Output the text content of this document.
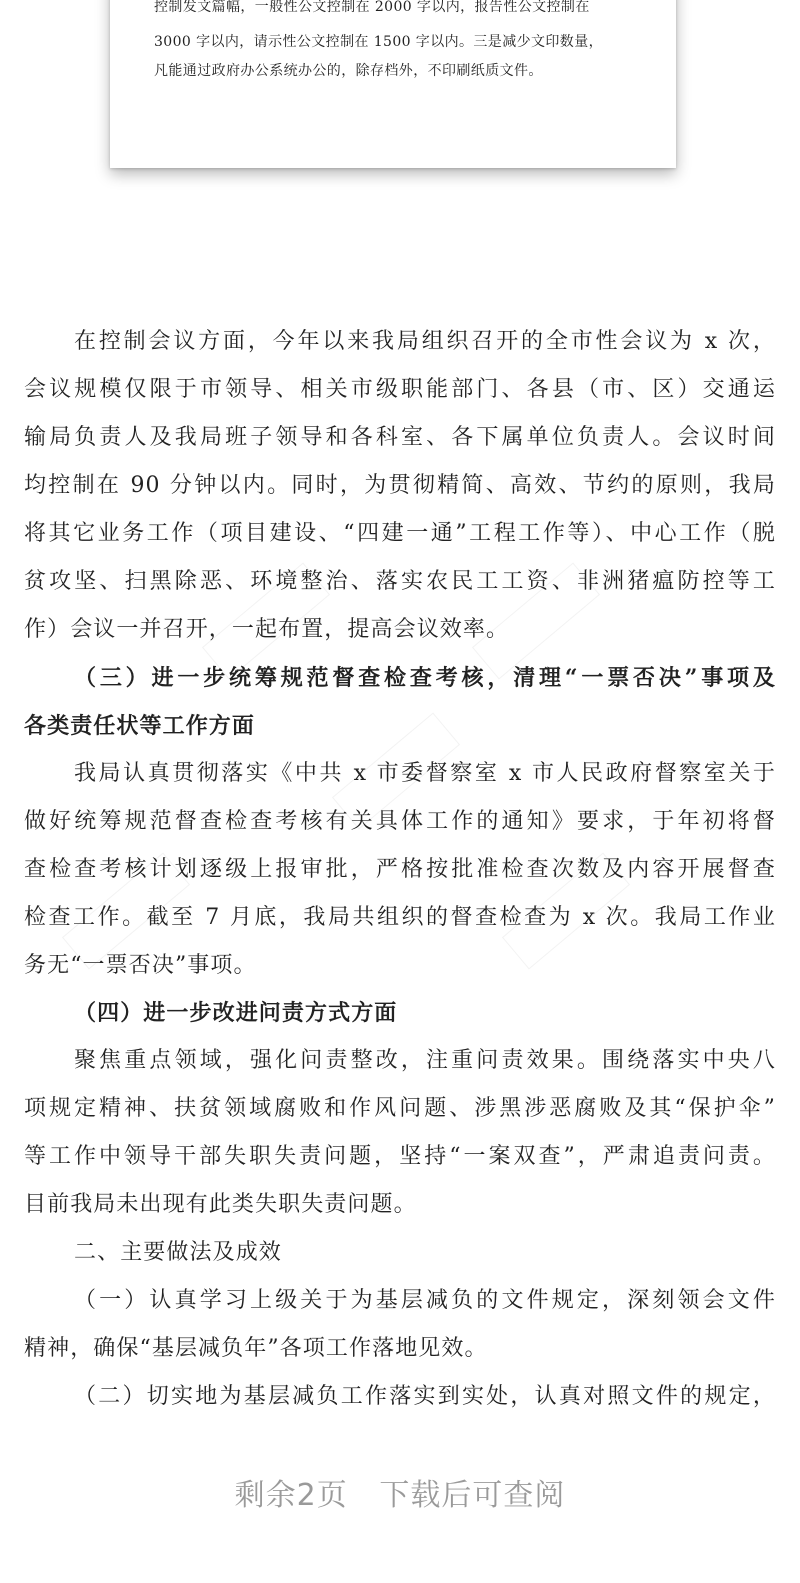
控制发文篇幅，一般性公文控制在 2000 字以内，报告性公文控制在
3000 字以内，请示性公文控制在 1500 字以内。三是减少文印数量，
凡能通过政府办公系统办公的，除存档外，不印刷纸质文件。
在控制会议方面，今年以来我局组织召开的全市性会议为 x 次，
会议规模仅限于市领导、相关市级职能部门、各县（市、区）交通运
输局负责人及我局班子领导和各科室、各下属单位负责人。会议时间
均控制在 90 分钟以内。同时，为贯彻精简、高效、节约的原则，我局
将其它业务工作（项目建设、“四建一通”工程工作等）、中心工作（脱
贫攻坚、扫黑除恶、环境整治、落实农民工工资、非洲猪瘟防控等工
作）会议一并召开，一起布置，提高会议效率。
（三）进一步统筹规范督查检查考核，清理“一票否决”事项及
各类责任状等工作方面
我局认真贯彻落实《中共 x 市委督察室 x 市人民政府督察室关于
做好统筹规范督查检查考核有关具体工作的通知》要求，于年初将督
查检查考核计划逐级上报审批，严格按批准检查次数及内容开展督查
检查工作。截至 7 月底，我局共组织的督查检查为 x 次。我局工作业
务无“一票否决”事项。
（四）进一步改进问责方式方面
聚焦重点领域，强化问责整改，注重问责效果。围绕落实中央八
项规定精神、扶贫领域腐败和作风问题、涉黑涉恶腐败及其“保护伞”
等工作中领导干部失职失责问题，坚持“一案双查”，严肃追责问责。
目前我局未出现有此类失职失责问题。
二、主要做法及成效
（一）认真学习上级关于为基层减负的文件规定，深刻领会文件
精神，确保“基层减负年”各项工作落地见效。
（二）切实地为基层减负工作落实到实处，认真对照文件的规定，
剩余2页 下载后可查阅
